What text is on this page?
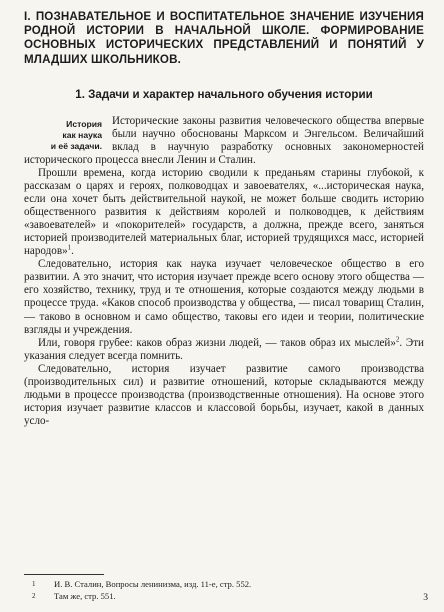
I. ПОЗНАВАТЕЛЬНОЕ И ВОСПИТАТЕЛЬНОЕ ЗНАЧЕНИЕ ИЗУЧЕНИЯ РОДНОЙ ИСТОРИИ В НАЧАЛЬНОЙ ШКОЛЕ. ФОРМИРОВАНИЕ ОСНОВНЫХ ИСТОРИЧЕСКИХ ПРЕДСТАВЛЕНИЙ И ПОНЯТИЙ У МЛАДШИХ ШКОЛЬНИКОВ.
1. Задачи и характер начального обучения истории
История
как наука
и её задачи.

Исторические законы развития человеческого общества впервые были научно обоснованы Марксом и Энгельсом. Величайший вклад в научную разработку основных закономерностей исторического процесса внесли Ленин и Сталин.

Прошли времена, когда историю сводили к преданьям старины глубокой, к рассказам о царях и героях, полководцах и завоевателях, «...историческая наука, если она хочет быть действительной наукой, не может больше сводить историю общественного развития к действиям королей и полководцев, к действиям «завоевателей» и «покорителей» государств, а должна, прежде всего, заняться историей производителей материальных благ, историей трудящихся масс, историей народов»$^1$.

Следовательно, история как наука изучает человеческое общество в его развитии. А это значит, что история изучает прежде всего основу этого общества — его хозяйство, технику, труд и те отношения, которые создаются между людьми в процессе труда. «Каков способ производства у общества, — писал товарищ Сталин, — таково в основном и само общество, таковы его идеи и теории, политические взгляды и учреждения.

Или, говоря грубее: каков образ жизни людей, — таков образ их мыслей»$^2$. Эти указания следует всегда помнить.

Следовательно, история изучает развитие самого производства (производительных сил) и развитие отношений, которые складываются между людьми в процессе производства (производственные отношения). На основе этого история изучает развитие классов и классовой борьбы, изучает, какой в данных усло-

1	И. В. Сталин, Вопросы ленинизма, изд. 11-е, стр. 552.
2	Там же, стр. 551.	3
